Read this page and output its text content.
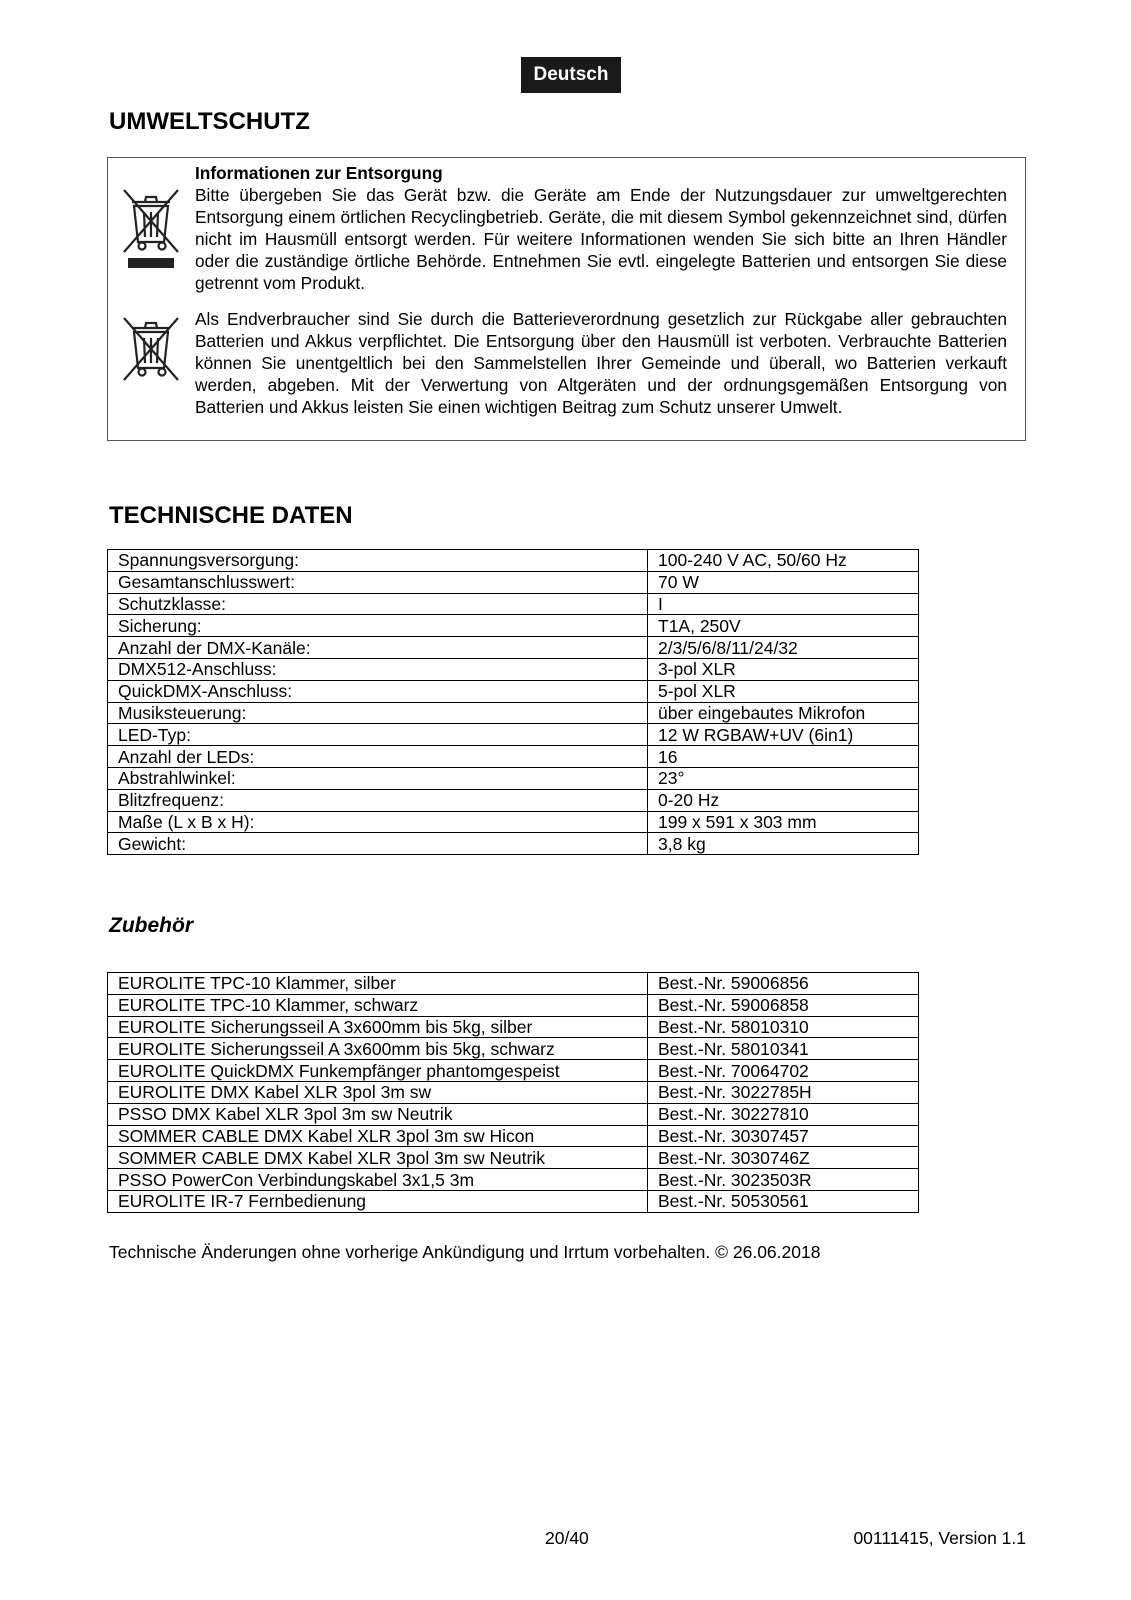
Deutsch
UMWELTSCHUTZ
Informationen zur Entsorgung
Bitte übergeben Sie das Gerät bzw. die Geräte am Ende der Nutzungsdauer zur umweltgerechten Entsorgung einem örtlichen Recyclingbetrieb. Geräte, die mit diesem Symbol gekennzeichnet sind, dürfen nicht im Hausmüll entsorgt werden. Für weitere Informationen wenden Sie sich bitte an Ihren Händler oder die zuständige örtliche Behörde. Entnehmen Sie evtl. eingelegte Batterien und entsorgen Sie diese getrennt vom Produkt.
Als Endverbraucher sind Sie durch die Batterieverordnung gesetzlich zur Rückgabe aller gebrauchten Batterien und Akkus verpflichtet. Die Entsorgung über den Hausmüll ist verboten. Verbrauchte Batterien können Sie unentgeltlich bei den Sammelstellen Ihrer Gemeinde und überall, wo Batterien verkauft werden, abgeben. Mit der Verwertung von Altgeräten und der ordnungsgemäßen Entsorgung von Batterien und Akkus leisten Sie einen wichtigen Beitrag zum Schutz unserer Umwelt.
TECHNISCHE DATEN
Spannungsversorgung:	100-240 V AC, 50/60 Hz
Gesamtanschlusswert:	70 W
Schutzklasse:	I
Sicherung:	T1A, 250V
Anzahl der DMX-Kanäle:	2/3/5/6/8/11/24/32
DMX512-Anschluss:	3-pol XLR
QuickDMX-Anschluss:	5-pol XLR
Musiksteuerung:	über eingebautes Mikrofon
LED-Typ:	12 W RGBAW+UV (6in1)
Anzahl der LEDs:	16
Abstrahlwinkel:	23°
Blitzfrequenz:	0-20 Hz
Maße (L x B x H):	199 x 591 x 303 mm
Gewicht:	3,8 kg
Zubehör
EUROLITE TPC-10 Klammer, silber	Best.-Nr. 59006856
EUROLITE TPC-10 Klammer, schwarz	Best.-Nr. 59006858
EUROLITE Sicherungsseil A 3x600mm bis 5kg, silber	Best.-Nr. 58010310
EUROLITE Sicherungsseil A 3x600mm bis 5kg, schwarz	Best.-Nr. 58010341
EUROLITE QuickDMX Funkempfänger phantomgespeist	Best.-Nr. 70064702
EUROLITE DMX Kabel XLR 3pol 3m sw	Best.-Nr. 3022785H
PSSO DMX Kabel XLR 3pol 3m sw Neutrik	Best.-Nr. 30227810
SOMMER CABLE DMX Kabel XLR 3pol 3m sw Hicon	Best.-Nr. 30307457
SOMMER CABLE DMX Kabel XLR 3pol 3m sw Neutrik	Best.-Nr. 3030746Z
PSSO PowerCon Verbindungskabel 3x1,5 3m	Best.-Nr. 3023503R
EUROLITE IR-7 Fernbedienung	Best.-Nr. 50530561
Technische Änderungen ohne vorherige Ankündigung und Irrtum vorbehalten. © 26.06.2018
20/40	00111415, Version 1.1
